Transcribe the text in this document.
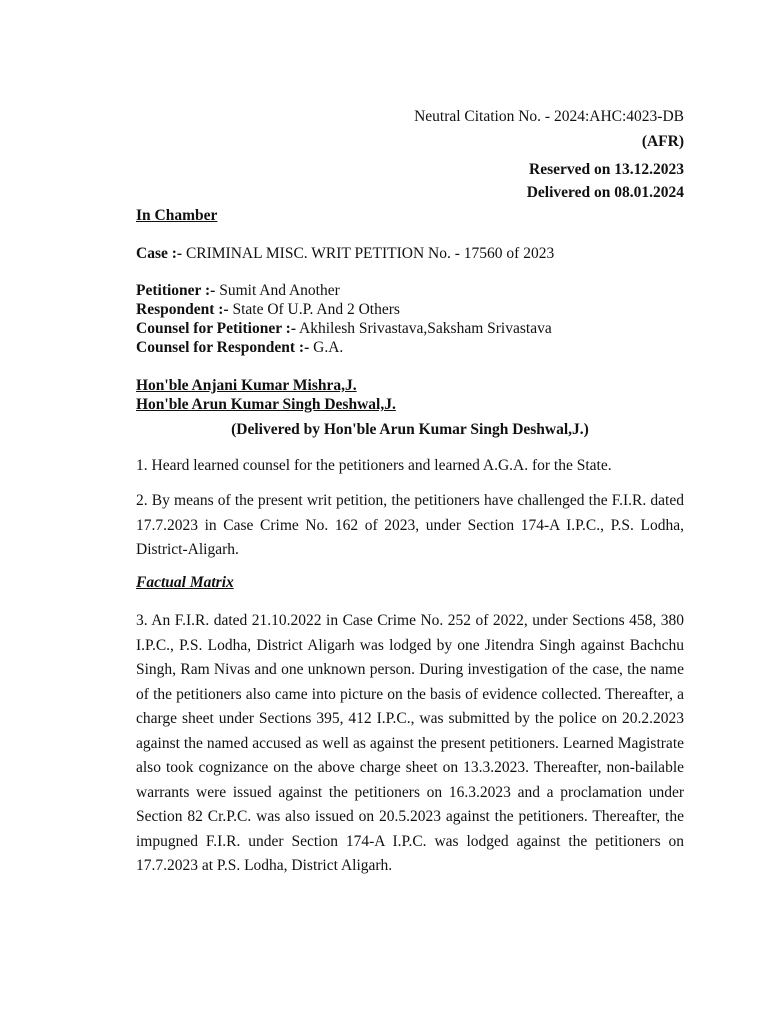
Neutral Citation No. - 2024:AHC:4023-DB
(AFR)
Reserved on 13.12.2023
Delivered on 08.01.2024
In Chamber
Case :- CRIMINAL MISC. WRIT PETITION No. - 17560 of 2023
Petitioner :- Sumit And Another
Respondent :- State Of U.P. And 2 Others
Counsel for Petitioner :- Akhilesh Srivastava,Saksham Srivastava
Counsel for Respondent :- G.A.
Hon'ble Anjani Kumar Mishra,J.
Hon'ble Arun Kumar Singh Deshwal,J.
(Delivered by Hon'ble Arun Kumar Singh Deshwal,J.)
1. Heard learned counsel for the petitioners and learned A.G.A. for the State.
2. By means of the present writ petition, the petitioners have challenged the F.I.R. dated 17.7.2023 in Case Crime No. 162 of 2023, under Section 174-A I.P.C., P.S. Lodha, District-Aligarh.
Factual Matrix
3. An F.I.R. dated 21.10.2022 in Case Crime No. 252 of 2022, under Sections 458, 380 I.P.C., P.S. Lodha, District Aligarh was lodged by one Jitendra Singh against Bachchu Singh, Ram Nivas and one unknown person. During investigation of the case, the name of the petitioners also came into picture on the basis of evidence collected. Thereafter, a charge sheet under Sections 395, 412 I.P.C., was submitted by the police on 20.2.2023 against the named accused as well as against the present petitioners. Learned Magistrate also took cognizance on the above charge sheet on 13.3.2023. Thereafter, non-bailable warrants were issued against the petitioners on 16.3.2023 and a proclamation under Section 82 Cr.P.C. was also issued on 20.5.2023 against the petitioners. Thereafter, the impugned F.I.R. under Section 174-A I.P.C. was lodged against the petitioners on 17.7.2023 at P.S. Lodha, District Aligarh.
